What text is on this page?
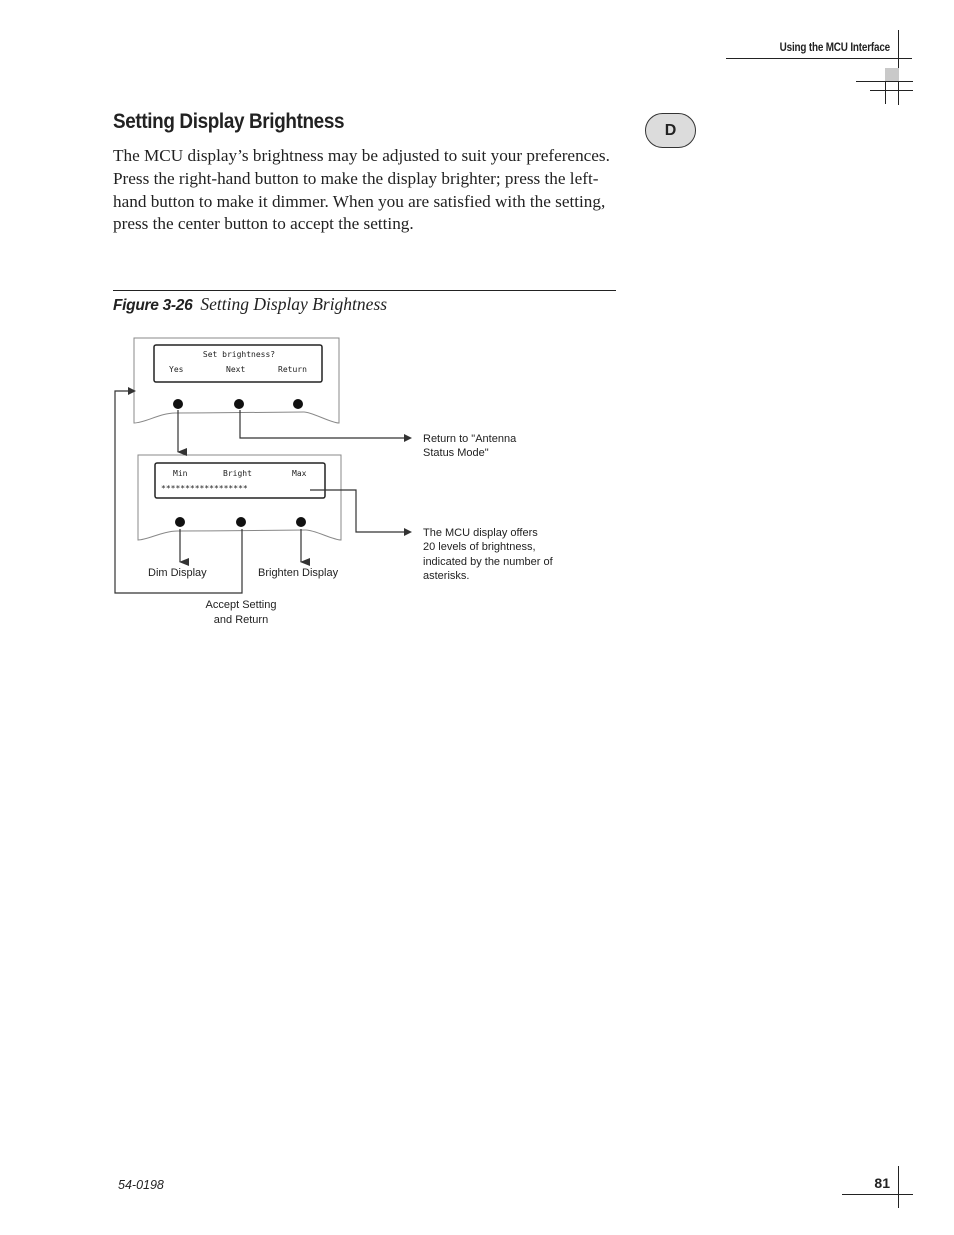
Using the MCU Interface
Setting Display Brightness	D
The MCU display’s brightness may be adjusted to suit your preferences. Press the right-hand button to make the display brighter; press the left-hand button to make it dimmer. When you are satisfied with the setting, press the center button to accept the setting.
Figure 3-26 Setting Display Brightness
Set brightness?
Yes	Next	Return
Min	Bright	Max
******************
Return to "Antenna
Status Mode"
The MCU display offers
20 levels of brightness,
indicated by the number of
asterisks.
Dim Display	Brighten Display
Accept Setting
and Return
54-0198	81
